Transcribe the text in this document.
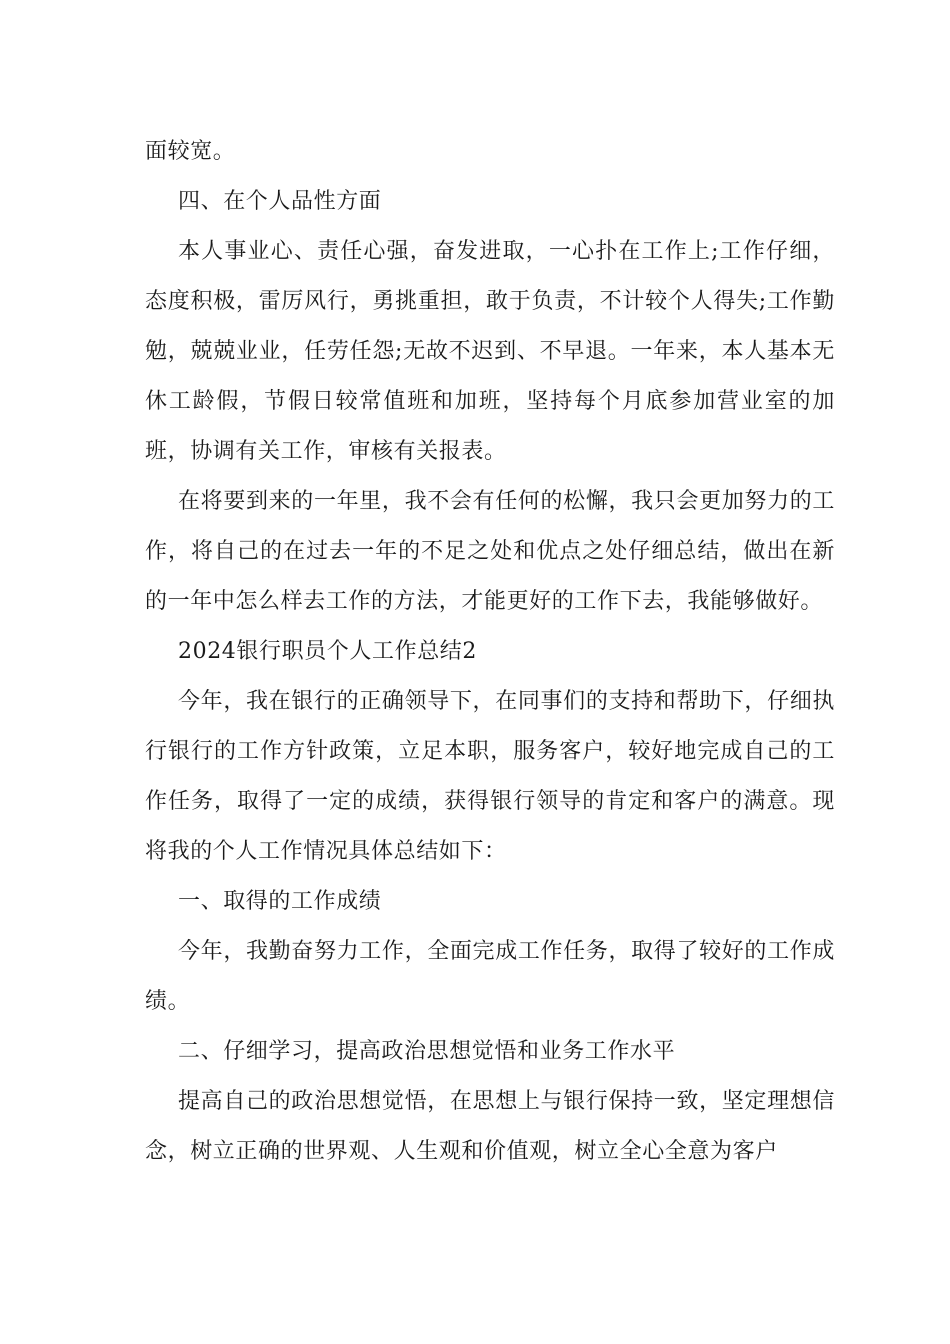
面较宽。

四、在个人品性方面

本人事业心、责任心强，奋发进取，一心扑在工作上;工作仔细，态度积极，雷厉风行，勇挑重担，敢于负责，不计较个人得失;工作勤勉，兢兢业业，任劳任怨;无故不迟到、不早退。一年来，本人基本无休工龄假，节假日较常值班和加班，坚持每个月底参加营业室的加班，协调有关工作，审核有关报表。

在将要到来的一年里，我不会有任何的松懈，我只会更加努力的工作，将自己的在过去一年的不足之处和优点之处仔细总结，做出在新的一年中怎么样去工作的方法，才能更好的工作下去，我能够做好。

2024银行职员个人工作总结2

今年，我在银行的正确领导下，在同事们的支持和帮助下，仔细执行银行的工作方针政策，立足本职，服务客户，较好地完成自己的工作任务，取得了一定的成绩，获得银行领导的肯定和客户的满意。现将我的个人工作情况具体总结如下：

一、取得的工作成绩

今年，我勤奋努力工作，全面完成工作任务，取得了较好的工作成绩。

二、仔细学习，提高政治思想觉悟和业务工作水平

提高自己的政治思想觉悟，在思想上与银行保持一致，坚定理想信念，树立正确的世界观、人生观和价值观，树立全心全意为客户
